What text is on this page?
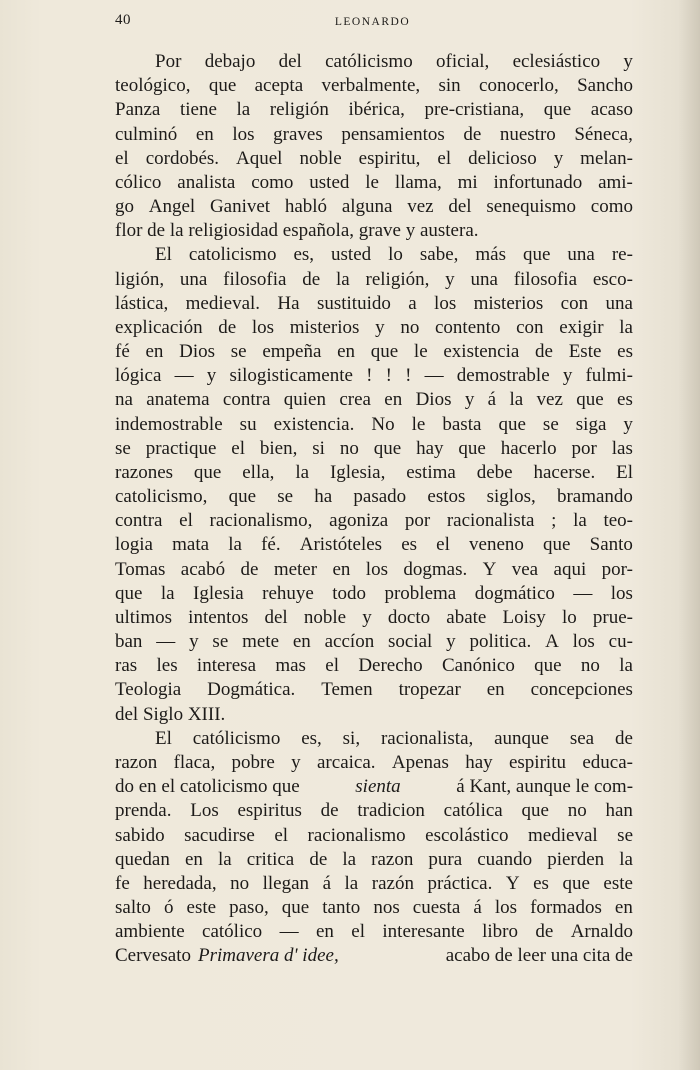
40	LEONARDO
Por debajo del católicismo oficial, eclesiástico y
teológico, que acepta verbalmente, sin conocerlo, Sancho
Panza tiene la religión ibérica, pre-cristiana, que acaso
culminó en los graves pensamientos de nuestro Séneca,
el cordobés. Aquel noble espiritu, el delicioso y melan-
cólico analista como usted le llama, mi infortunado ami-
go Angel Ganivet habló alguna vez del senequismo como
flor de la religiosidad española, grave y austera.
El catolicismo es, usted lo sabe, más que una re-
ligión, una filosofia de la religión, y una filosofia esco-
lástica, medieval. Ha sustituido a los misterios con una
explicación de los misterios y no contento con exigir la
fé en Dios se empeña en que le existencia de Este es
lógica — y silogisticamente ! ! ! — demostrable y fulmi-
na anatema contra quien crea en Dios y á la vez que es
indemostrable su existencia. No le basta que se siga y
se practique el bien, si no que hay que hacerlo por las
razones que ella, la Iglesia, estima debe hacerse. El
catolicismo, que se ha pasado estos siglos, bramando
contra el racionalismo, agoniza por racionalista ; la teo-
logia mata la fé. Aristóteles es el veneno que Santo
Tomas acabó de meter en los dogmas. Y vea aqui por-
que la Iglesia rehuye todo problema dogmático — los
ultimos intentos del noble y docto abate Loisy lo prue-
ban — y se mete en accíon social y politica. A los cu-
ras les interesa mas el Derecho Canónico que no la
Teologia Dogmática. Temen tropezar en concepciones
del Siglo XIII.
El católicismo es, si, racionalista, aunque sea de
razon flaca, pobre y arcaica. Apenas hay espiritu educa-
do en el catolicismo que	sienta	á Kant, aunque le com-
prenda. Los espiritus de tradicion católica que no han
sabido sacudirse el racionalismo escolástico medieval se
quedan en la critica de la razon pura cuando pierden la
fe heredada, no llegan á la razón práctica. Y es que este
salto ó este paso, que tanto nos cuesta á los formados en
ambiente católico — en el interesante libro de Arnaldo
Cervesato Primavera d' idee,	acabo de leer una cita de
